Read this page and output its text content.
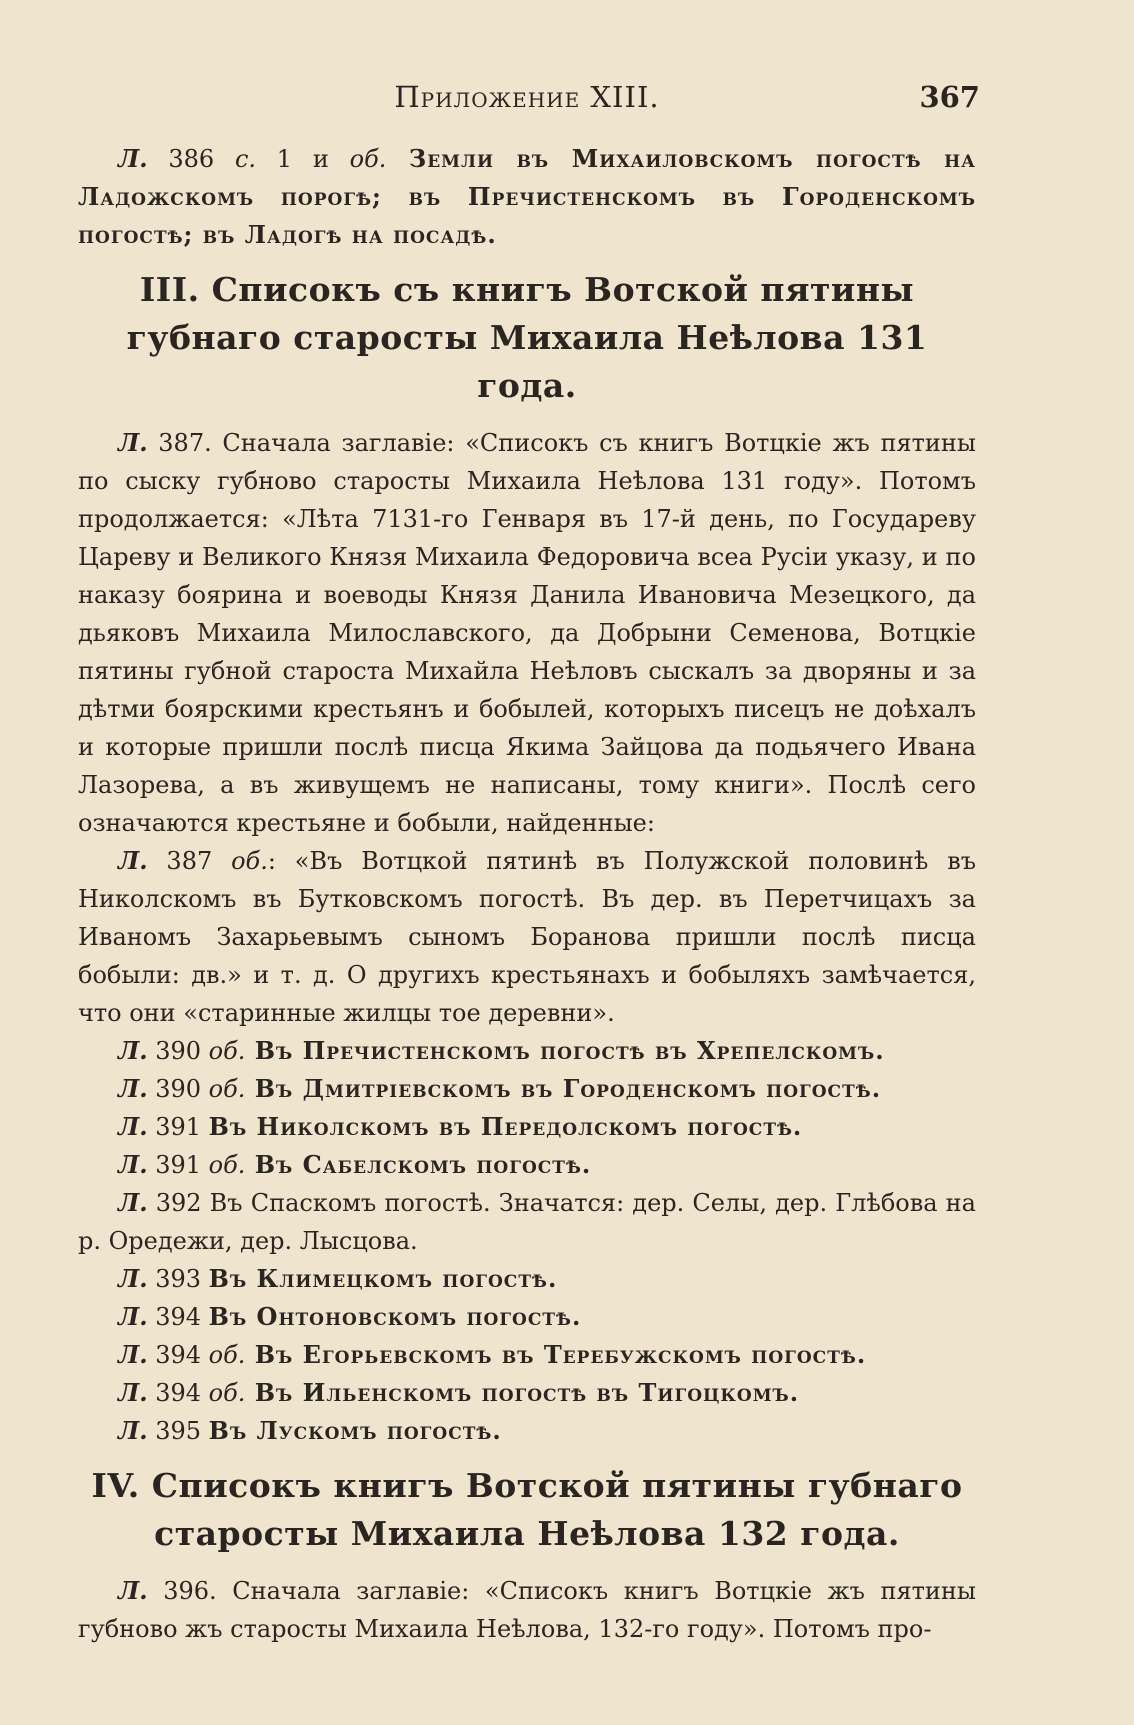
Приложение XIII.	367

Л. 386 с. 1 и об. Земли въ Михаиловскомъ погостѣ на Ладожскомъ порогѣ; въ Пречистенскомъ въ Городенскомъ погостѣ; въ Ладогѣ на посадѣ.

III. Списокъ съ книгъ Вотской пятины губнаго старосты Михаила Неѣлова 131 года.

Л. 387. Сначала заглавіе: «Списокъ съ книгъ Вотцкіе жъ пятины по сыску губново старосты Михаила Неѣлова 131 году». Потомъ продолжается: «Лѣта 7131-го Генваря въ 17-й день, по Государеву Цареву и Великого Князя Михаила Федоровича всеа Русіи указу, и по наказу боярина и воеводы Князя Данила Ивановича Мезецкого, да дьяковъ Михаила Милославского, да Добрыни Семенова, Вотцкіе пятины губной староста Михайла Неѣловъ сыскалъ за дворяны и за дѣтми боярскими крестьянъ и бобылей, которыхъ писецъ не доѣхалъ и которые пришли послѣ писца Якима Зайцова да подьячего Ивана Лазорева, а въ живущемъ не написаны, тому книги». Послѣ сего означаются крестьяне и бобыли, найденные:

Л. 387 об.: «Въ Вотцкой пятинѣ въ Полужской половинѣ въ Николскомъ въ Бутковскомъ погостѣ. Въ дер. въ Перетчицахъ за Иваномъ Захарьевымъ сыномъ Боранова пришли послѣ писца бобыли: дв.» и т. д. О другихъ крестьянахъ и бобыляхъ замѣчается, что они «старинные жилцы тое деревни».

Л. 390 об. Въ Пречистенскомъ погостѣ въ Хрепелскомъ.

Л. 390 об. Въ Дмитріевскомъ въ Городенскомъ погостѣ.

Л. 391 Въ Николскомъ въ Передолскомъ погостѣ.

Л. 391 об. Въ Сабелскомъ погостѣ.

Л. 392 Въ Спаскомъ погостѣ. Значатся: дер. Селы, дер. Глѣбова на р. Оредежи, дер. Лысцова.

Л. 393 Въ Климецкомъ погостѣ.

Л. 394 Въ Онтоновскомъ погостѣ.

Л. 394 об. Въ Егорьевскомъ въ Теребужскомъ погостѣ.

Л. 394 об. Въ Ильенскомъ погостѣ въ Тигоцкомъ.

Л. 395 Въ Лускомъ погостѣ.

IV. Списокъ книгъ Вотской пятины губнаго старосты Михаила Неѣлова 132 года.

Л. 396. Сначала заглавіе: «Списокъ книгъ Вотцкіе жъ пятины губново жъ старосты Михаила Неѣлова, 132-го году». Потомъ про-
